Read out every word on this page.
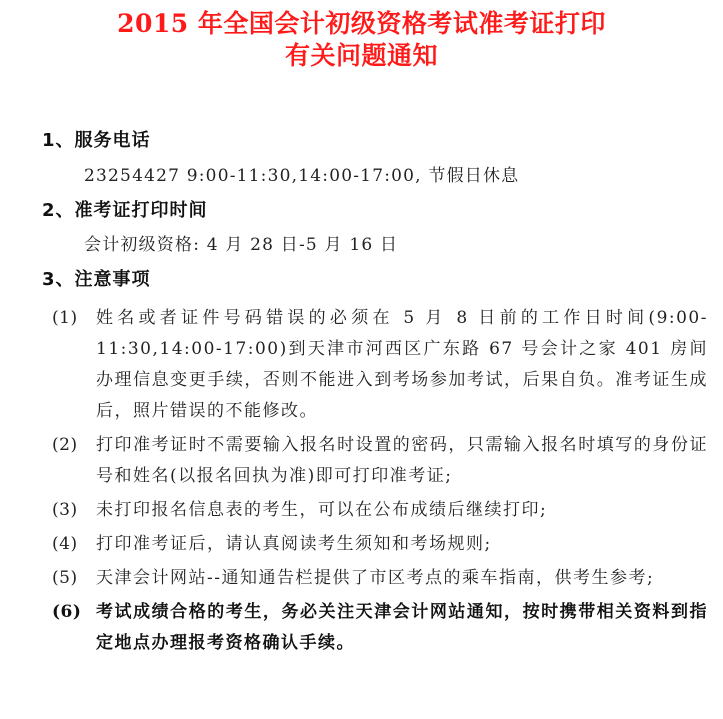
2015 年全国会计初级资格考试准考证打印
有关问题通知
1、服务电话
23254427 9:00-11:30,14:00-17:00, 节假日休息
2、准考证打印时间
会计初级资格: 4 月 28 日-5 月 16 日
3、注意事项
(1)	姓名或者证件号码错误的必须在 5 月 8 日前的工作日时间(9:00-11:30,14:00-17:00)到天津市河西区广东路 67 号会计之家 401 房间办理信息变更手续，否则不能进入到考场参加考试，后果自负。准考证生成后，照片错误的不能修改。
(2)	打印准考证时不需要输入报名时设置的密码，只需输入报名时填写的身份证号和姓名(以报名回执为准)即可打印准考证;
(3)	未打印报名信息表的考生，可以在公布成绩后继续打印;
(4)	打印准考证后，请认真阅读考生须知和考场规则;
(5)	天津会计网站--通知通告栏提供了市区考点的乘车指南，供考生参考;
(6) 考试成绩合格的考生，务必关注天津会计网站通知，按时携带相关资料到指定地点办理报考资格确认手续。
